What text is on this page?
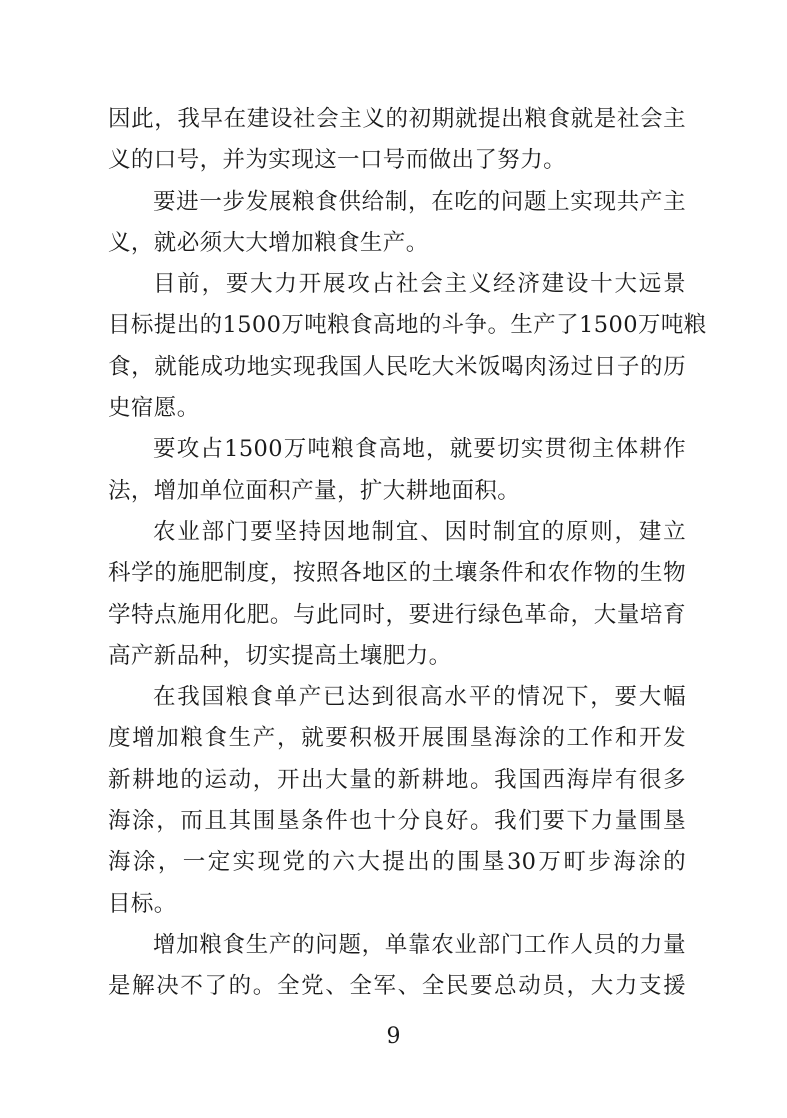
因此，我早在建设社会主义的初期就提出粮食就是社会主
义的口号，并为实现这一口号而做出了努力。
要进一步发展粮食供给制，在吃的问题上实现共产主
义，就必须大大增加粮食生产。
目前，要大力开展攻占社会主义经济建设十大远景
目标提出的1500万吨粮食高地的斗争。生产了1500万吨粮
食，就能成功地实现我国人民吃大米饭喝肉汤过日子的历
史宿愿。
要攻占1500万吨粮食高地，就要切实贯彻主体耕作
法，增加单位面积产量，扩大耕地面积。
农业部门要坚持因地制宜、因时制宜的原则，建立
科学的施肥制度，按照各地区的土壤条件和农作物的生物
学特点施用化肥。与此同时，要进行绿色革命，大量培育
高产新品种，切实提高土壤肥力。
在我国粮食单产已达到很高水平的情况下，要大幅
度增加粮食生产，就要积极开展围垦海涂的工作和开发
新耕地的运动，开出大量的新耕地。我国西海岸有很多
海涂，而且其围垦条件也十分良好。我们要下力量围垦
海涂，一定实现党的六大提出的围垦30万町步海涂的
目标。
增加粮食生产的问题，单靠农业部门工作人员的力量
是解决不了的。全党、全军、全民要总动员，大力支援
9
